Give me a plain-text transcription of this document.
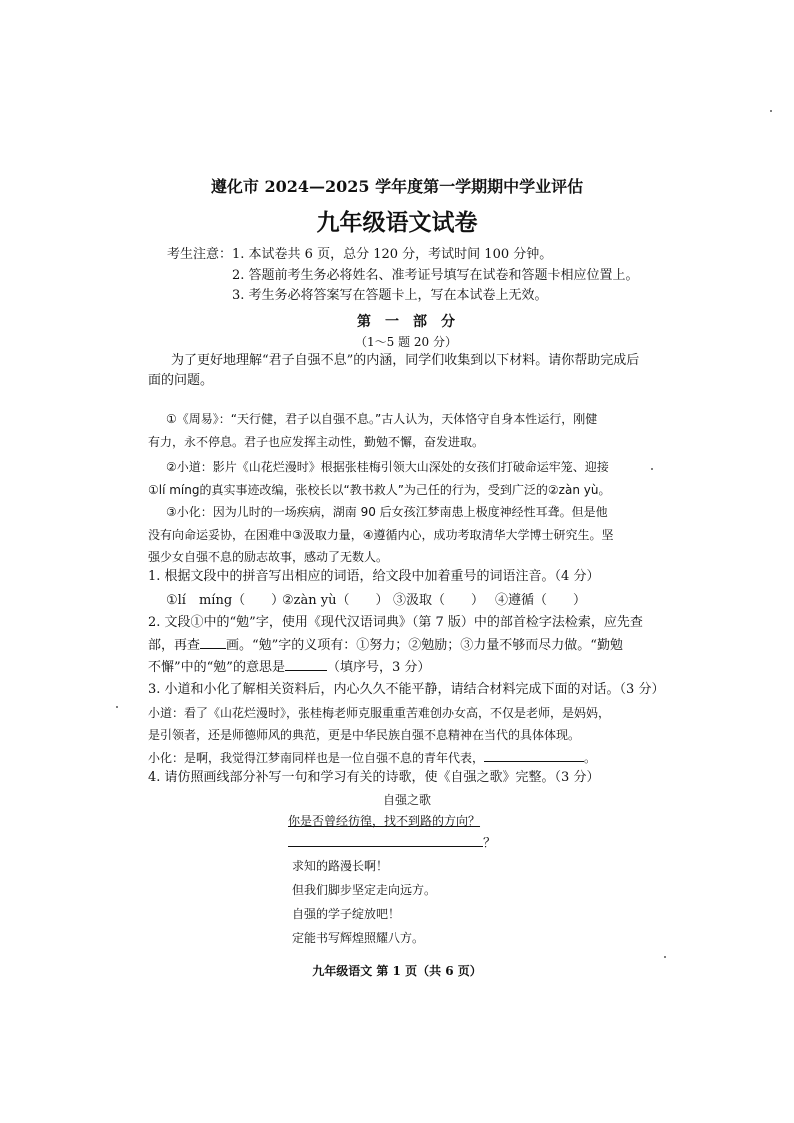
遵化市 2024—2025 学年度第一学期期中学业评估
九年级语文试卷
考生注意：1. 本试卷共 6 页，总分 120 分，考试时间 100 分钟。
2. 答题前考生务必将姓名、准考证号填写在试卷和答题卡相应位置上。
3. 考生务必将答案写在答题卡上，写在本试卷上无效。
第　一　部　分
（1～5 题 20 分）
为了更好地理解“君子自强不息”的内涵，同学们收集到以下材料。请你帮助完成后
面的问题。
①《周易》：“天行健，君子以自强不息。”古人认为，天体恪守自身本性运行，刚健
有力，永不停息。君子也应发挥主动性，勤勉不懈，奋发进取。
②小道：影片《山花烂漫时》根据张桂梅引领大山深处的女孩们打破命运牢笼、迎接
①lí míng的真实事迹改编，张校长以“教书救人”为己任的行为，受到广泛的②zàn yù。
③小化：因为儿时的一场疾病，湖南 90 后女孩江梦南患上极度神经性耳聋。但是他
没有向命运妥协，在困难中③汲取力量，④遵循内心，成功考取清华大学博士研究生。坚
强少女自强不息的励志故事，感动了无数人。
1. 根据文段中的拼音写出相应的词语，给文段中加着重号的词语注音。（4 分）
①lí　míng（　　）
②zàn yù（　　） ③汲取（　　） ④遵循（　　）
2. 文段①中的“勉”字，使用《现代汉语词典》（第 7 版）中的部首检字法检索，应先查
部，再查 画。“勉”字的义项有：①努力；②勉励；③力量不够而尽力做。“勤勉
不懈”中的“勉”的意思是	（填序号，3 分）
3. 小道和小化了解相关资料后，内心久久不能平静，请结合材料完成下面的对话。（3 分）
小道：看了《山花烂漫时》，张桂梅老师克服重重苦难创办女高，不仅是老师，是妈妈，
是引领者，还是师德师风的典范，更是中华民族自强不息精神在当代的具体体现。
小化：是啊，我觉得江梦南同样也是一位自强不息的青年代表，	。
4. 请仿照画线部分补写一句和学习有关的诗歌，使《自强之歌》完整。（3 分）
自强之歌
你是否曾经彷徨，找不到路的方向？
？
求知的路漫长啊！
但我们脚步坚定走向远方。
自强的学子绽放吧！
定能书写辉煌照耀八方。
九年级语文 第 1 页（共 6 页）
